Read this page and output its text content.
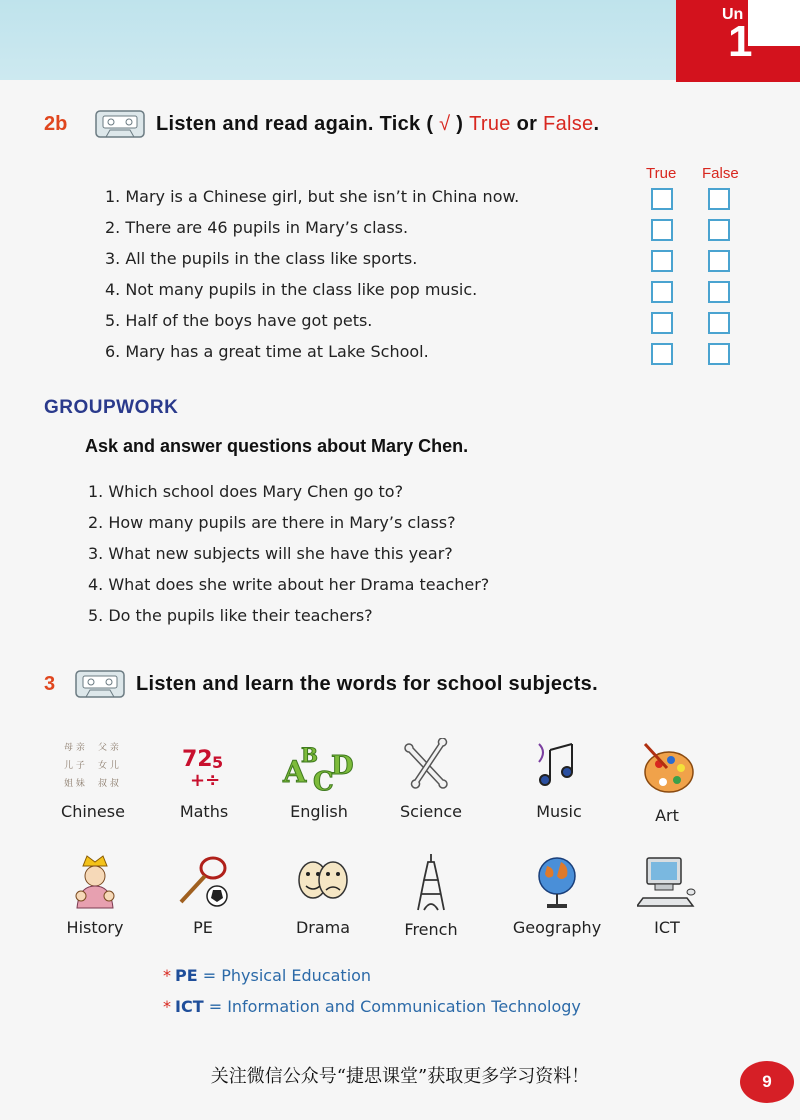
Un
1
2b	Listen and read again. Tick ( √ ) True or False.
True False
1. Mary is a Chinese girl, but she isn’t in China now.
2. There are 46 pupils in Mary’s class.
3. All the pupils in the class like sports.
4. Not many pupils in the class like pop music.
5. Half of the boys have got pets.
6. Mary has a great time at Lake School.
GROUPWORK
Ask and answer questions about Mary Chen.
1. Which school does Mary Chen go to?
2. How many pupils are there in Mary’s class?
3. What new subjects will she have this year?
4. What does she write about her Drama teacher?
5. Do the pupils like their teachers?
3	Listen and learn the words for school subjects.
母 亲 父 亲
儿 子 女 儿
姐 妹 叔 叔
Chinese
72
+÷
5
Maths
A
B
C
D
English	Science	Music	Art
History	PE	Drama	French	Geography	ICT
* PE = Physical Education
* ICT = Information and Communication Technology
关注微信公众号“捷思课堂”获取更多学习资料！	9
